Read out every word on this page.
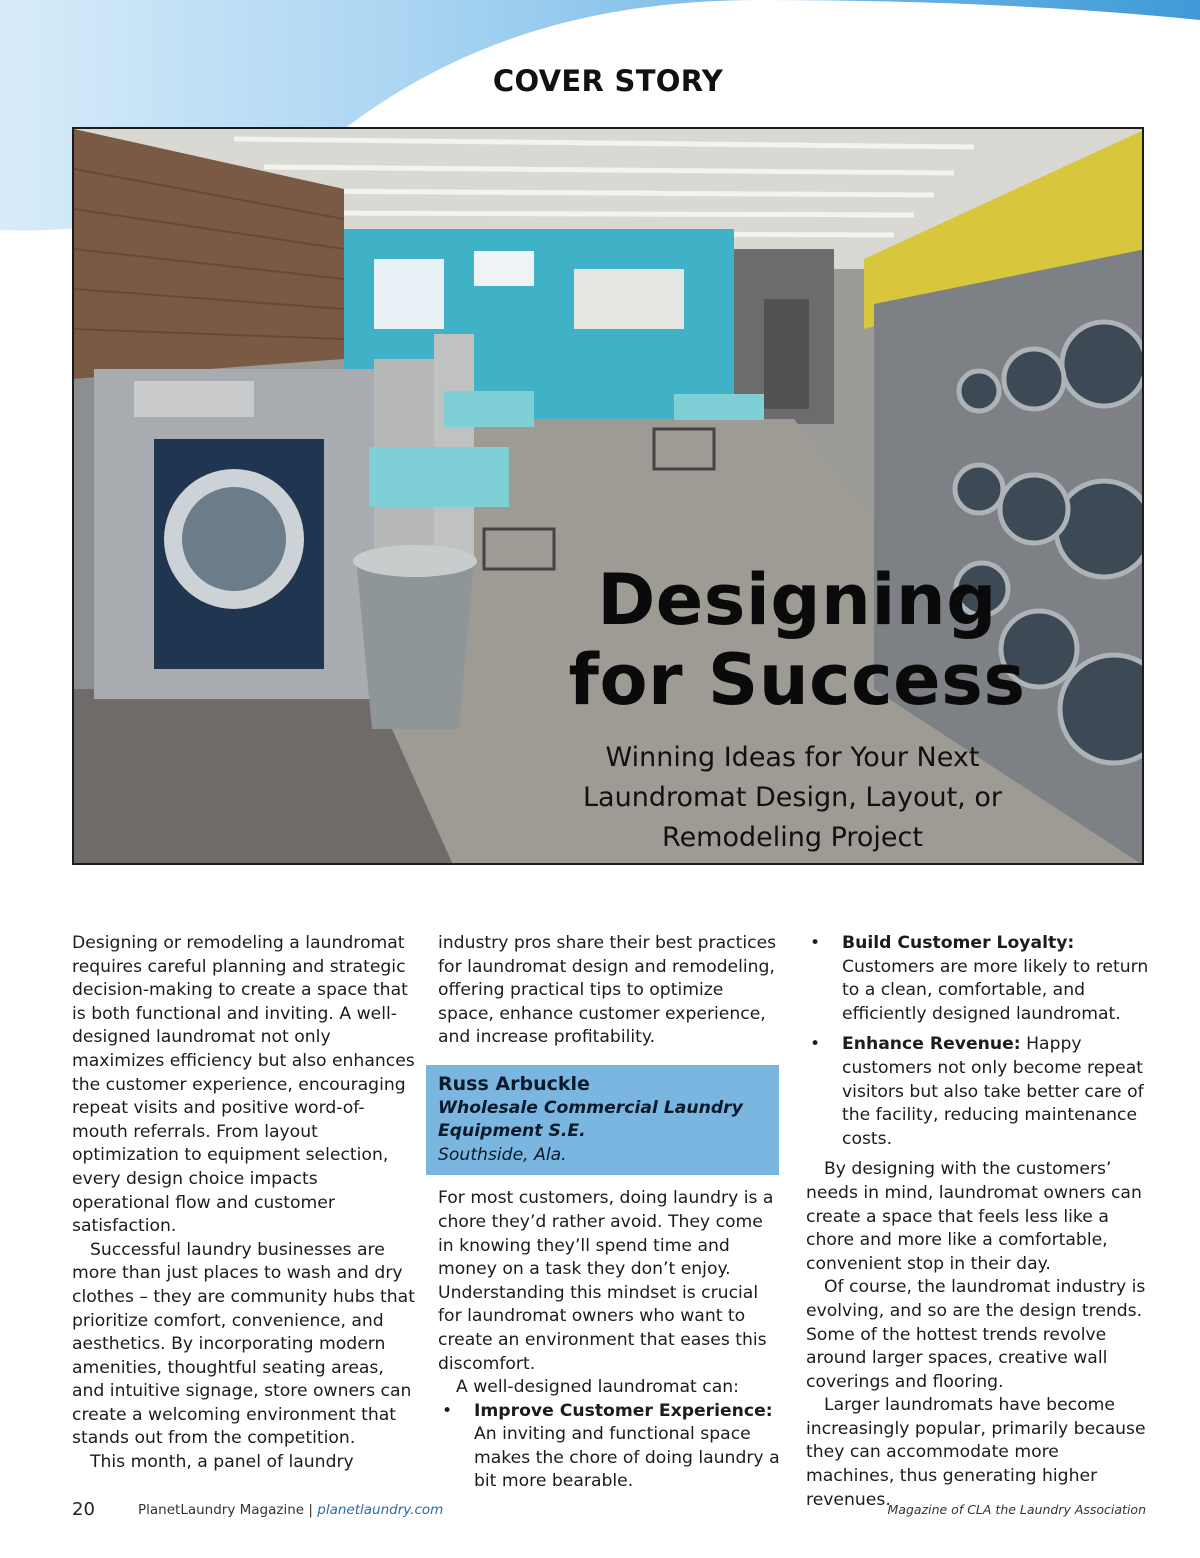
COVER STORY
Designing
for Success
Winning Ideas for Your Next
Laundromat Design, Layout, or
Remodeling Project

Designing or remodeling a laundromat requires careful planning and strategic decision-making to create a space that is both functional and inviting. A well-designed laundromat not only maximizes efficiency but also enhances the customer experience, encouraging repeat visits and positive word-of-mouth referrals. From layout optimization to equipment selection, every design choice impacts operational flow and customer satisfaction.

Successful laundry businesses are more than just places to wash and dry clothes – they are community hubs that prioritize comfort, convenience, and aesthetics. By incorporating modern amenities, thoughtful seating areas, and intuitive signage, store owners can create a welcoming environment that stands out from the competition.

This month, a panel of laundry

industry pros share their best practices for laundromat design and remodeling, offering practical tips to optimize space, enhance customer experience, and increase profitability.

Russ Arbuckle
Wholesale Commercial Laundry Equipment S.E.
Southside, Ala.

For most customers, doing laundry is a chore they’d rather avoid. They come in knowing they’ll spend time and money on a task they don’t enjoy. Understanding this mindset is crucial for laundromat owners who want to create an environment that eases this discomfort.

A well-designed laundromat can:

• Improve Customer Experience: An inviting and functional space makes the chore of doing laundry a bit more bearable.
• Build Customer Loyalty: Customers are more likely to return to a clean, comfortable, and efficiently designed laundromat.
• Enhance Revenue: Happy customers not only become repeat visitors but also take better care of the facility, reducing maintenance costs.

By designing with the customers’ needs in mind, laundromat owners can create a space that feels less like a chore and more like a comfortable, convenient stop in their day.

Of course, the laundromat industry is evolving, and so are the design trends. Some of the hottest trends revolve around larger spaces, creative wall coverings and flooring.

Larger laundromats have become increasingly popular, primarily because they can accommodate more machines, thus generating higher revenues.

20	PlanetLaundry Magazine | planetlaundry.com	Magazine of CLA the Laundry Association
